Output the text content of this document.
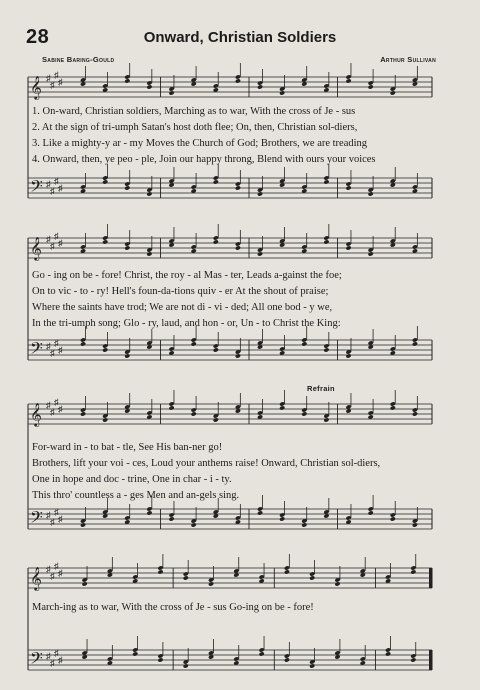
28	Onward, Christian Soldiers
Sabine Baring-Gould	Arthur Sullivan
Refrain
𝄞 ♯
♯
♯
♯
𝄢 ♯
♯
♯
♯
𝄞 ♯
♯
♯
♯
𝄢 ♯
♯
♯
♯
𝄞 ♯
♯
♯
♯
𝄢 ♯
♯
♯
♯
𝄞 ♯
♯
♯
♯
𝄢 ♯
♯
♯
♯
1. On-ward, Christian soldiers, Marching as to war, With the cross of Je - sus
2. At the sign of tri-umph Satan's host doth flee; On, then, Christian sol-diers,
3. Like a mighty-y ar - my Moves the Church of God; Brothers, we are treading
4. Onward, then, ye peo - ple, Join our happy throng, Blend with ours your voices
Go - ing on be - fore! Christ, the roy - al Mas - ter, Leads a-gainst the foe;
On to vic - to - ry! Hell's foun-da-tions quiv - er At the shout of praise;
Where the saints have trod; We are not di - vi - ded; All one bod - y we,
In the tri-umph song; Glo - ry, laud, and hon - or, Un - to Christ the King:
For-ward in - to bat - tle, See His ban-ner go!
Brothers, lift your voi - ces, Loud your anthems raise! Onward, Christian sol-diers,
One in hope and doc - trine, One in char - i - ty.
This thro' countless a - ges Men and an-gels sing.
March-ing as to war, With the cross of Je - sus Go-ing on be - fore!
